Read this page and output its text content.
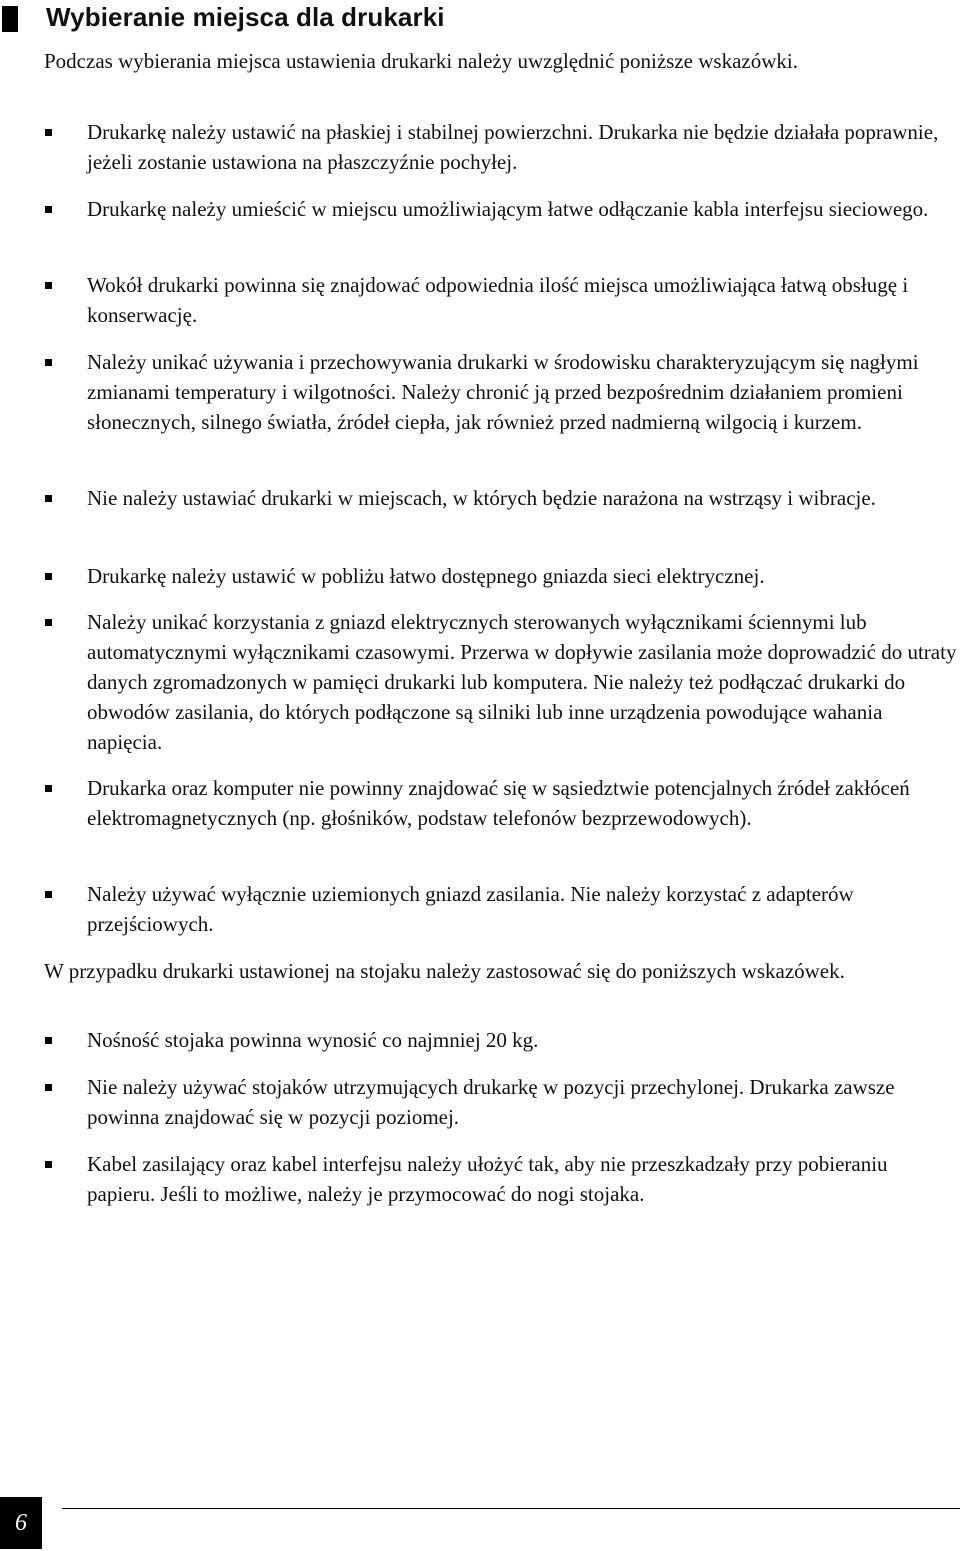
Wybieranie miejsca dla drukarki

Podczas wybierania miejsca ustawienia drukarki należy uwzględnić poniższe wskazówki.

Drukarkę należy ustawić na płaskiej i stabilnej powierzchni. Drukarka nie będzie działała poprawnie, jeżeli zostanie ustawiona na płaszczyźnie pochyłej.

Drukarkę należy umieścić w miejscu umożliwiającym łatwe odłączanie kabla interfejsu sieciowego.

Wokół drukarki powinna się znajdować odpowiednia ilość miejsca umożliwiająca łatwą obsługę i konserwację.

Należy unikać używania i przechowywania drukarki w środowisku charakteryzującym się nagłymi zmianami temperatury i wilgotności. Należy chronić ją przed bezpośrednim działaniem promieni słonecznych, silnego światła, źródeł ciepła, jak również przed nadmierną wilgocią i kurzem.

Nie należy ustawiać drukarki w miejscach, w których będzie narażona na wstrząsy i wibracje.

Drukarkę należy ustawić w pobliżu łatwo dostępnego gniazda sieci elektrycznej.

Należy unikać korzystania z gniazd elektrycznych sterowanych wyłącznikami ściennymi lub automatycznymi wyłącznikami czasowymi. Przerwa w dopływie zasilania może doprowadzić do utraty danych zgromadzonych w pamięci drukarki lub komputera. Nie należy też podłączać drukarki do obwodów zasilania, do których podłączone są silniki lub inne urządzenia powodujące wahania napięcia.

Drukarka oraz komputer nie powinny znajdować się w sąsiedztwie potencjalnych źródeł zakłóceń elektromagnetycznych (np. głośników, podstaw telefonów bezprzewodowych).

Należy używać wyłącznie uziemionych gniazd zasilania. Nie należy korzystać z adapterów przejściowych.

W przypadku drukarki ustawionej na stojaku należy zastosować się do poniższych wskazówek.

Nośność stojaka powinna wynosić co najmniej 20 kg.

Nie należy używać stojaków utrzymujących drukarkę w pozycji przechylonej. Drukarka zawsze powinna znajdować się w pozycji poziomej.

Kabel zasilający oraz kabel interfejsu należy ułożyć tak, aby nie przeszkadzały przy pobieraniu papieru. Jeśli to możliwe, należy je przymocować do nogi stojaka.

6
